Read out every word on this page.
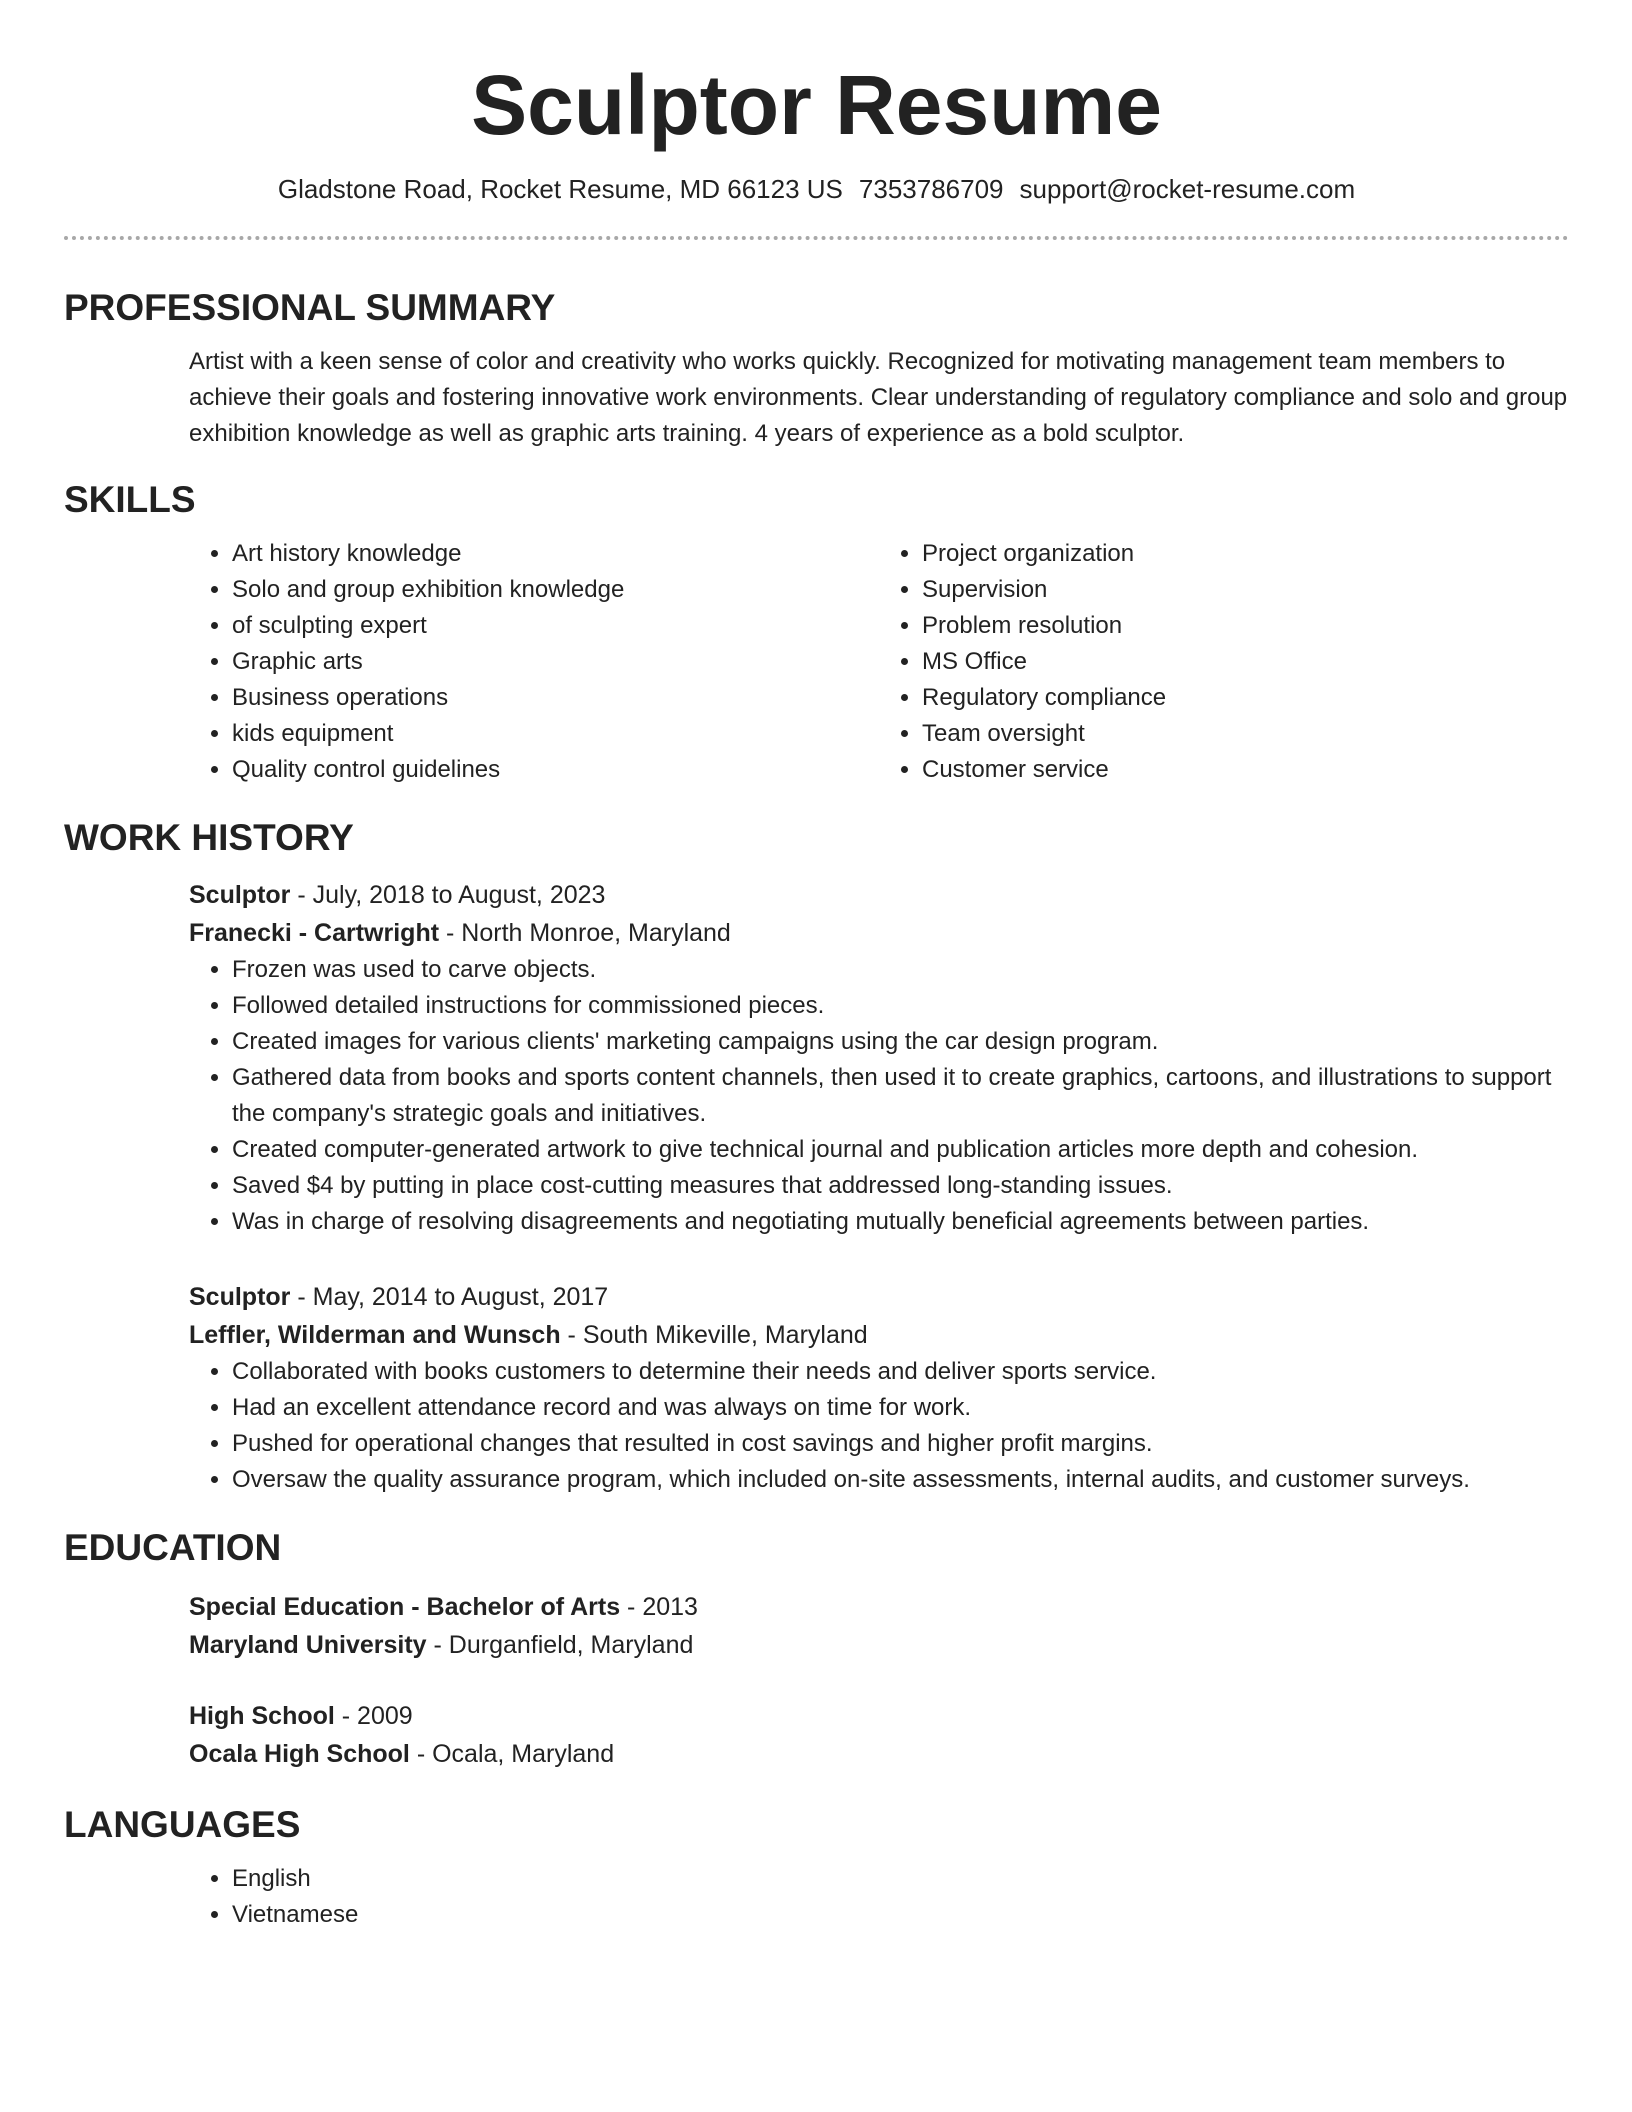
Sculptor Resume
Gladstone Road, Rocket Resume, MD 66123 US 7353786709 support@rocket-resume.com
PROFESSIONAL SUMMARY
Artist with a keen sense of color and creativity who works quickly. Recognized for motivating management team members to achieve their goals and fostering innovative work environments. Clear understanding of regulatory compliance and solo and group exhibition knowledge as well as graphic arts training. 4 years of experience as a bold sculptor.
SKILLS
• Art history knowledge
• Solo and group exhibition knowledge
• of sculpting expert
• Graphic arts
• Business operations
• kids equipment
• Quality control guidelines
• Project organization
• Supervision
• Problem resolution
• MS Office
• Regulatory compliance
• Team oversight
• Customer service
WORK HISTORY
Sculptor - July, 2018 to August, 2023
Franecki - Cartwright - North Monroe, Maryland
• Frozen was used to carve objects.
• Followed detailed instructions for commissioned pieces.
• Created images for various clients' marketing campaigns using the car design program.
• Gathered data from books and sports content channels, then used it to create graphics, cartoons, and illustrations to support the company's strategic goals and initiatives.
• Created computer-generated artwork to give technical journal and publication articles more depth and cohesion.
• Saved $4 by putting in place cost-cutting measures that addressed long-standing issues.
• Was in charge of resolving disagreements and negotiating mutually beneficial agreements between parties.
Sculptor - May, 2014 to August, 2017
Leffler, Wilderman and Wunsch - South Mikeville, Maryland
• Collaborated with books customers to determine their needs and deliver sports service.
• Had an excellent attendance record and was always on time for work.
• Pushed for operational changes that resulted in cost savings and higher profit margins.
• Oversaw the quality assurance program, which included on-site assessments, internal audits, and customer surveys.
EDUCATION
Special Education - Bachelor of Arts - 2013
Maryland University - Durganfield, Maryland
High School - 2009
Ocala High School - Ocala, Maryland
LANGUAGES
• English
• Vietnamese
